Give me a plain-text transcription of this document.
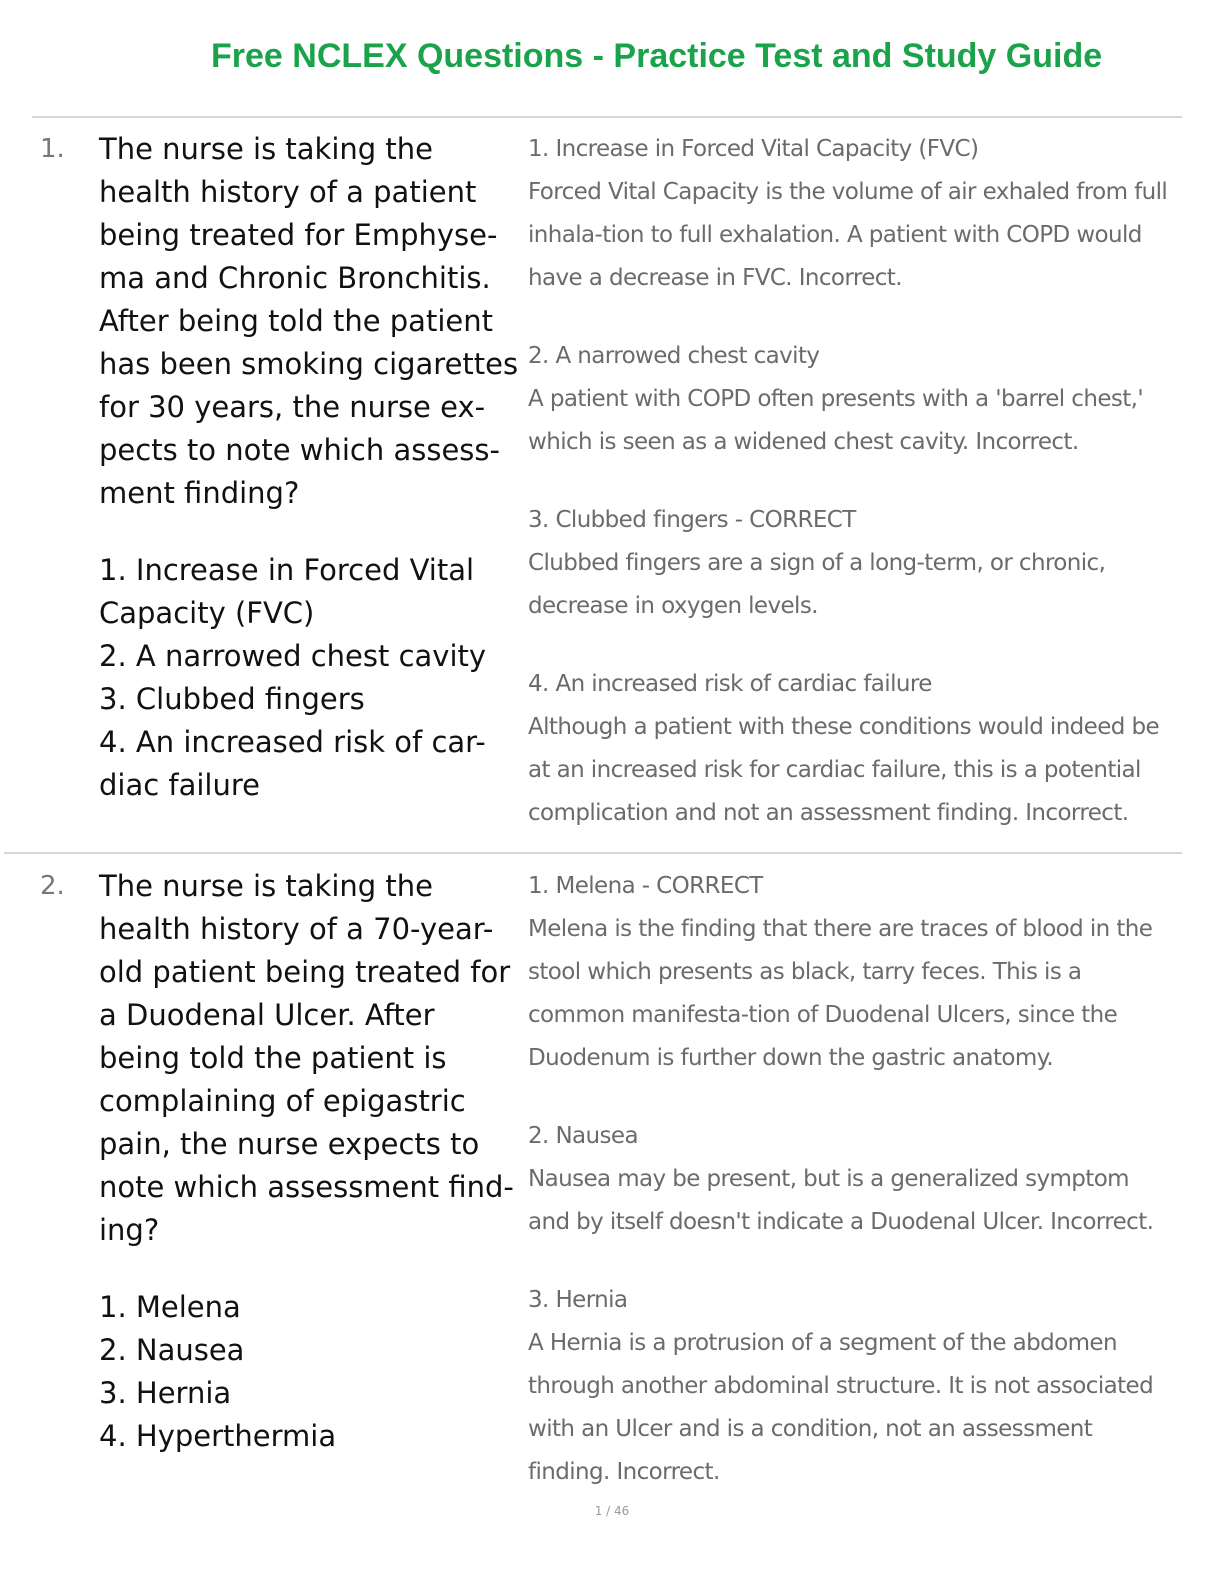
Free NCLEX Questions - Practice Test and Study Guide
1. The nurse is taking the health history of a patient being treated for Emphyse-ma and Chronic Bronchitis. After being told the patient has been smoking cigarettes for 30 years, the nurse ex-pects to note which assess-ment finding?

1. Increase in Forced Vital Capacity (FVC)
2. A narrowed chest cavity
3. Clubbed fingers
4. An increased risk of car-diac failure
1. Increase in Forced Vital Capacity (FVC)
Forced Vital Capacity is the volume of air exhaled from full inhala-tion to full exhalation. A patient with COPD would have a decrease in FVC. Incorrect.
2. A narrowed chest cavity
A patient with COPD often presents with a 'barrel chest,' which is seen as a widened chest cavity. Incorrect.
3. Clubbed fingers - CORRECT
Clubbed fingers are a sign of a long-term, or chronic, decrease in oxygen levels.
4. An increased risk of cardiac failure
Although a patient with these conditions would indeed be at an increased risk for cardiac failure, this is a potential complication and not an assessment finding. Incorrect.
2. The nurse is taking the health history of a 70-year-old patient being treated for a Duodenal Ulcer. After being told the patient is complaining of epigastric pain, the nurse expects to note which assessment find-ing?

1. Melena
2. Nausea
3. Hernia
4. Hyperthermia
1. Melena - CORRECT
Melena is the finding that there are traces of blood in the stool which presents as black, tarry feces. This is a common manifesta-tion of Duodenal Ulcers, since the Duodenum is further down the gastric anatomy.
2. Nausea
Nausea may be present, but is a generalized symptom and by itself doesn't indicate a Duodenal Ulcer. Incorrect.
3. Hernia
A Hernia is a protrusion of a segment of the abdomen through another abdominal structure. It is not associated with an Ulcer and is a condition, not an assessment finding. Incorrect.
1 / 46
